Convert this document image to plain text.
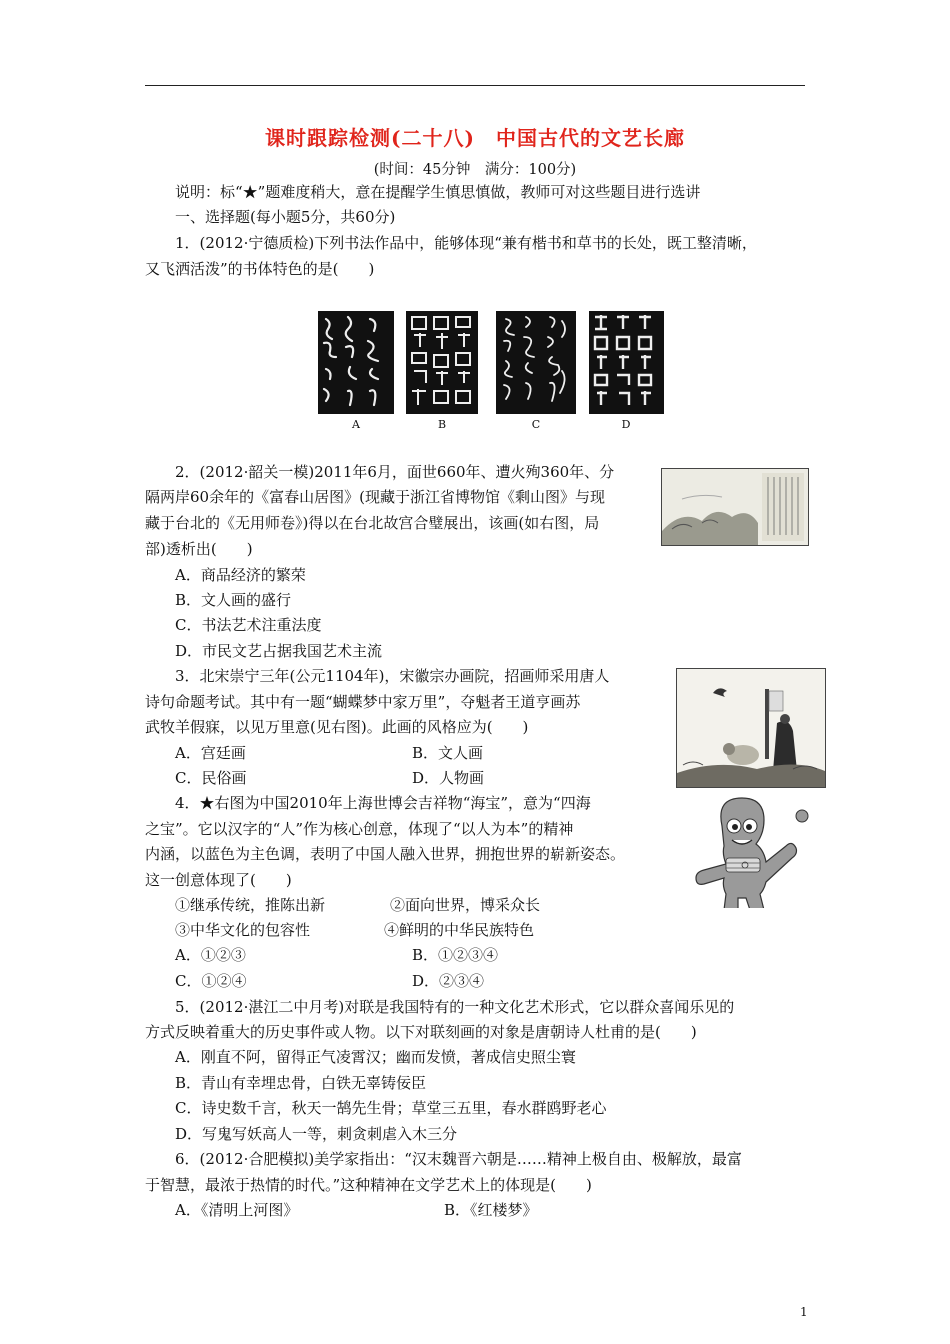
课时跟踪检测(二十八)　中国古代的文艺长廊
(时间：45分钟　满分：100分)
说明：标“★”题难度稍大，意在提醒学生慎思慎做，教师可对这些题目进行选讲
一、选择题(每小题5分，共60分)
1．(2012·宁德质检)下列书法作品中，能够体现“兼有楷书和草书的长处，既工整清晰，
又飞洒活泼”的书体特色的是(　　)
A	B	C	D
2．(2012·韶关一模)2011年6月，面世660年、遭火殉360年、分
隔两岸60余年的《富春山居图》(现藏于浙江省博物馆《剩山图》与现
藏于台北的《无用师卷》)得以在台北故宫合璧展出，该画(如右图，局
部)透析出(　　)
A．商品经济的繁荣
B．文人画的盛行
C．书法艺术注重法度
D．市民文艺占据我国艺术主流
3．北宋崇宁三年(公元1104年)，宋徽宗办画院，招画师采用唐人
诗句命题考试。其中有一题“蝴蝶梦中家万里”，夺魁者王道亨画苏
武牧羊假寐，以见万里意(见右图)。此画的风格应为(　　)
A．宫廷画	B．文人画
C．民俗画	D．人物画
4．★右图为中国2010年上海世博会吉祥物“海宝”，意为“四海
之宝”。它以汉字的“人”作为核心创意，体现了“以人为本”的精神
内涵，以蓝色为主色调，表明了中国人融入世界，拥抱世界的崭新姿态。
这一创意体现了(　　)
①继承传统，推陈出新	②面向世界，博采众长
③中华文化的包容性	④鲜明的中华民族特色
A．①②③	B．①②③④
C．①②④	D．②③④
5．(2012·湛江二中月考)对联是我国特有的一种文化艺术形式，它以群众喜闻乐见的
方式反映着重大的历史事件或人物。以下对联刻画的对象是唐朝诗人杜甫的是(　　)
A．刚直不阿，留得正气凌霄汉；幽而发愤，著成信史照尘寰
B．青山有幸埋忠骨，白铁无辜铸佞臣
C．诗史数千言，秋天一鹄先生骨；草堂三五里，春水群鸥野老心
D．写鬼写妖高人一等，刺贪刺虐入木三分
6．(2012·合肥模拟)美学家指出：“汉末魏晋六朝是……精神上极自由、极解放，最富
于智慧，最浓于热情的时代。”这种精神在文学艺术上的体现是(　　)
A．《清明上河图》	B．《红楼梦》
1
